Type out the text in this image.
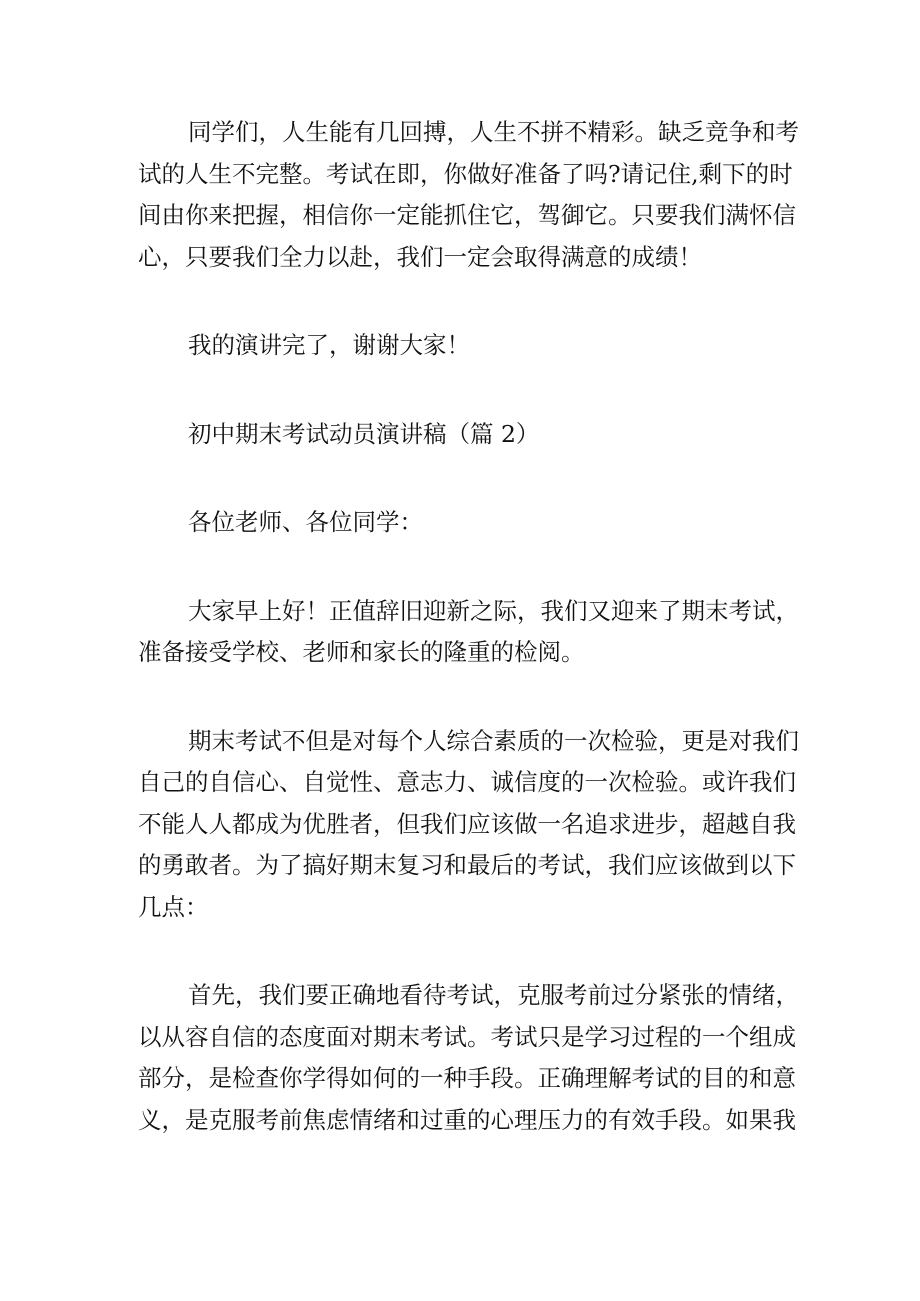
同学们，人生能有几回搏，人生不拼不精彩。缺乏竞争和考
试的人生不完整。考试在即，你做好准备了吗?请记住,剩下的时
间由你来把握，相信你一定能抓住它，驾御它。只要我们满怀信
心，只要我们全力以赴，我们一定会取得满意的成绩！

我的演讲完了，谢谢大家！

初中期末考试动员演讲稿（篇 2）

各位老师、各位同学：

大家早上好！正值辞旧迎新之际，我们又迎来了期末考试，
准备接受学校、老师和家长的隆重的检阅。

期末考试不但是对每个人综合素质的一次检验，更是对我们
自己的自信心、自觉性、意志力、诚信度的一次检验。或许我们
不能人人都成为优胜者，但我们应该做一名追求进步，超越自我
的勇敢者。为了搞好期末复习和最后的考试，我们应该做到以下
几点：

首先，我们要正确地看待考试，克服考前过分紧张的情绪，
以从容自信的态度面对期末考试。考试只是学习过程的一个组成
部分，是检查你学得如何的一种手段。正确理解考试的目的和意
义，是克服考前焦虑情绪和过重的心理压力的有效手段。如果我
